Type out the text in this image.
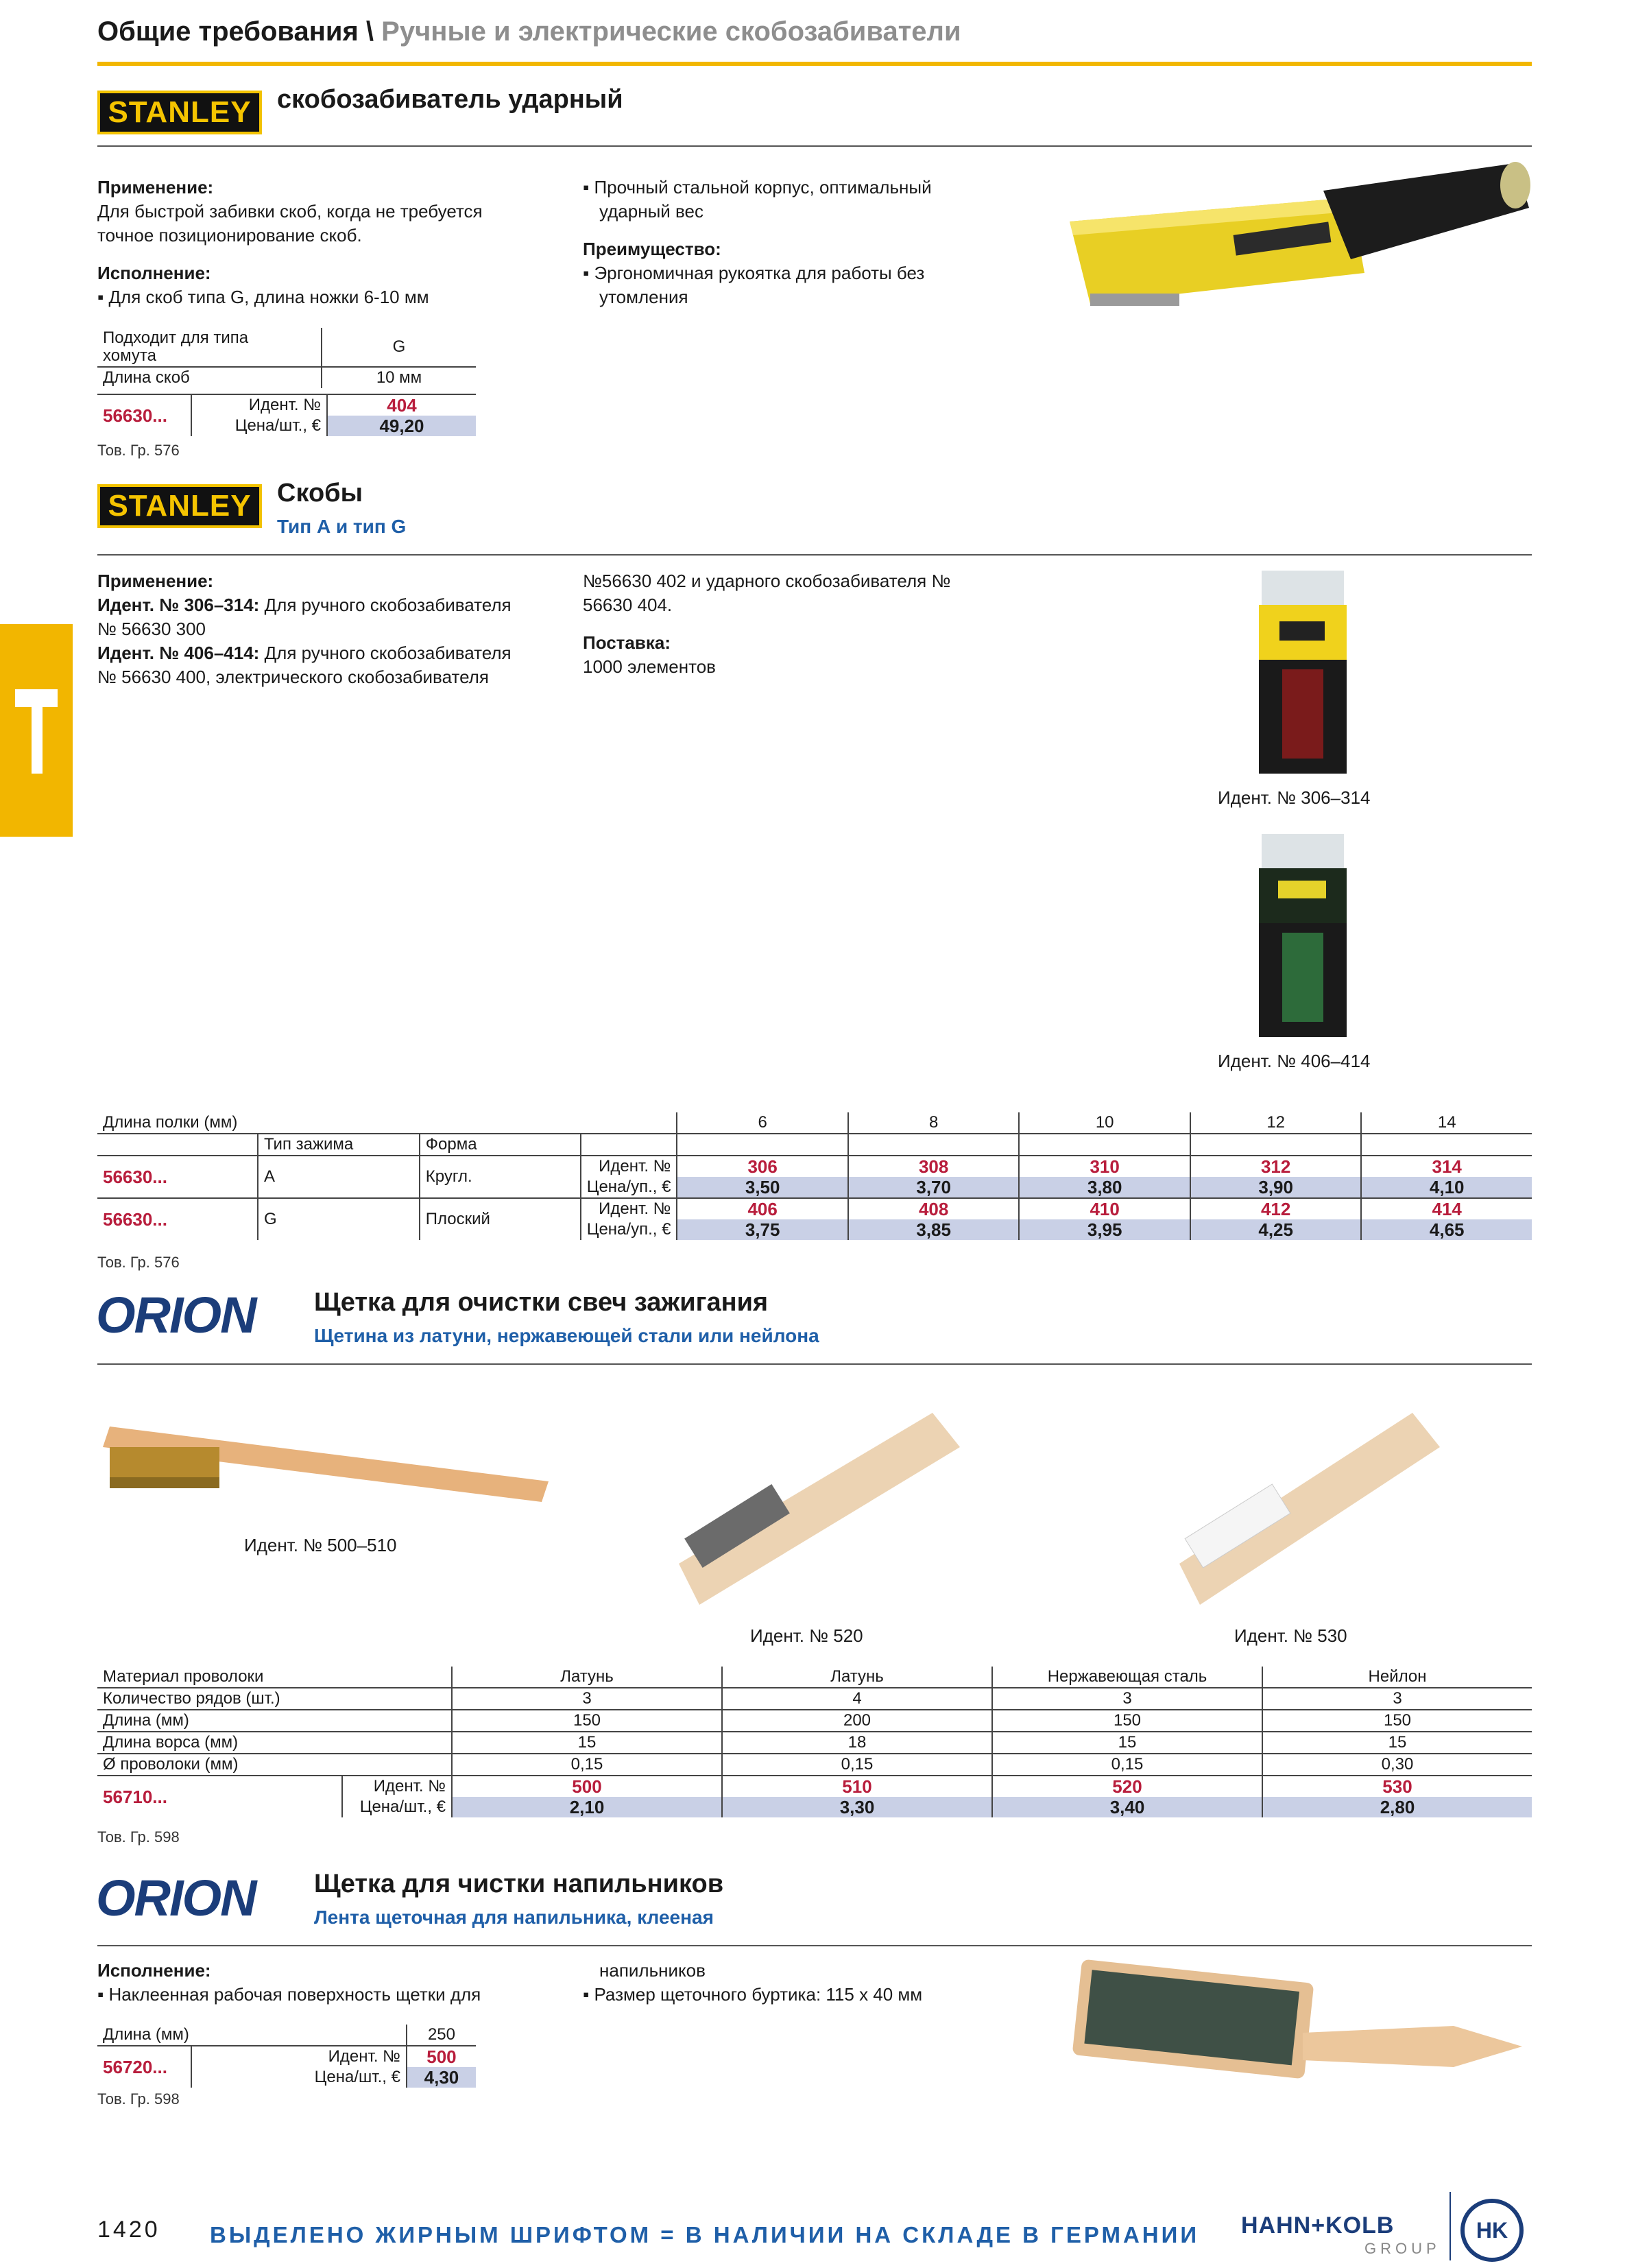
Общие требования \ Ручные и электрические скобозабиватели
STANLEY скобозабиватель ударный
Применение:
Для быстрой забивки скоб, когда не требуется
точное позиционирование скоб.
Исполнение:
▪ Для скоб типа G, длина ножки 6-10 мм
▪ Прочный стальной корпус, оптимальный
ударный вес
Преимущество:
▪ Эргономичная рукоятка для работы без
утомления
Подходит для типа
хомута	G
Длина скоб	10 мм
56630...	Идент. №	404
	Цена/шт., €	49,20
Тов. Гр. 576
STANLEY Скобы
Тип А и тип G
Применение:
Идент. № 306–314: Для ручного скобозабивателя
№ 56630 300
Идент. № 406–414: Для ручного скобозабивателя
№ 56630 400, электрического скобозабивателя
№56630 402 и ударного скобозабивателя №
56630 404.
Поставка:
1000 элементов
Идент. № 306–314
Идент. № 406–414
Длина полки (мм)				6	8	10	12	14
	Тип зажима	Форма						
56630...	A	Кругл.	Идент. №	306	308	310	312	314
			Цена/уп., €	3,50	3,70	3,80	3,90	4,10
56630...	G	Плоский	Идент. №	406	408	410	412	414
			Цена/уп., €	3,75	3,85	3,95	4,25	4,65
Тов. Гр. 576
ORION Щетка для очистки свеч зажигания
Щетина из латуни, нержавеющей стали или нейлона
Идент. № 500–510
Идент. № 520	Идент. № 530
Материал проволоки		Латунь	Латунь	Нержавеющая сталь	Нейлон
Количество рядов (шт.)		3	4	3	3
Длина (мм)		150	200	150	150
Длина ворса (мм)		15	18	15	15
Ø проволоки (мм)		0,15	0,15	0,15	0,30
56710...	Идент. №	500	510	520	530
	Цена/шт., €	2,10	3,30	3,40	2,80
Тов. Гр. 598
ORION Щетка для чистки напильников
Лента щеточная для напильника, клееная
Исполнение:
▪ Наклеенная рабочая поверхность щетки для
напильников
▪ Размер щеточного буртика: 115 x 40 мм
Длина (мм)		250
56720...	Идент. №	500
	Цена/шт., €	4,30
Тов. Гр. 598
1420 ВЫДЕЛЕНО ЖИРНЫМ ШРИФТОМ = В НАЛИЧИИ НА СКЛАДЕ В ГЕРМАНИИ HAHN+KOLB
GROUP
HK
